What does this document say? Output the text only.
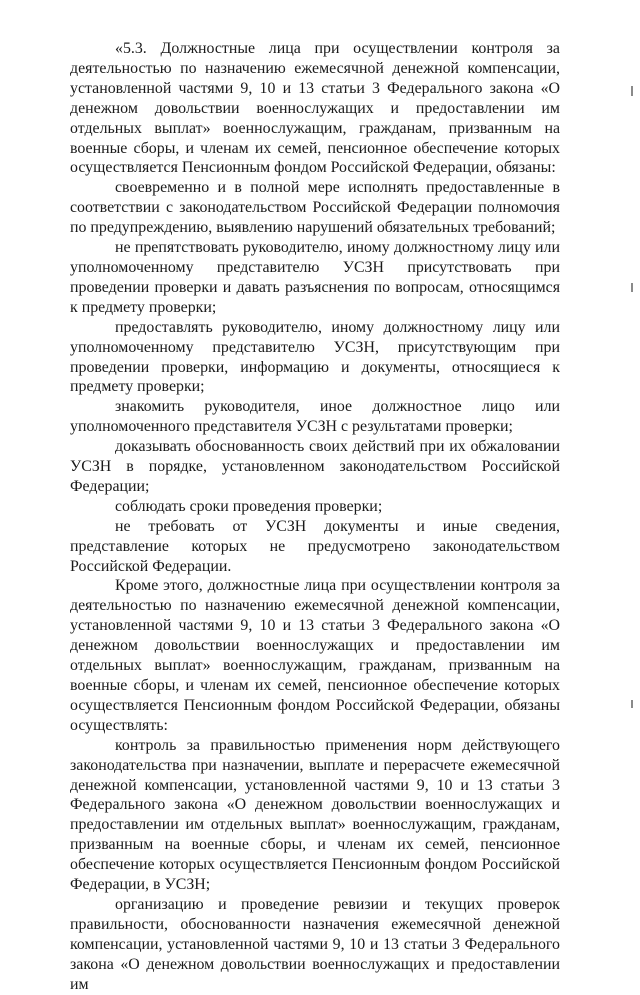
«5.3. Должностные лица при осуществлении контроля за деятельностью по назначению ежемесячной денежной компенсации, установленной частями 9, 10 и 13 статьи 3 Федерального закона «О денежном довольствии военнослужащих и предоставлении им отдельных выплат» военнослужащим, гражданам, призванным на военные сборы, и членам их семей, пенсионное обеспечение которых осуществляется Пенсионным фондом Российской Федерации, обязаны:

своевременно и в полной мере исполнять предоставленные в соответствии с законодательством Российской Федерации полномочия по предупреждению, выявлению нарушений обязательных требований;

не препятствовать руководителю, иному должностному лицу или уполномоченному представителю УСЗН присутствовать при проведении проверки и давать разъяснения по вопросам, относящимся к предмету проверки;

предоставлять руководителю, иному должностному лицу или уполномоченному представителю УСЗН, присутствующим при проведении проверки, информацию и документы, относящиеся к предмету проверки;

знакомить руководителя, иное должностное лицо или уполномоченного представителя УСЗН с результатами проверки;

доказывать обоснованность своих действий при их обжаловании УСЗН в порядке, установленном законодательством Российской Федерации;

соблюдать сроки проведения проверки;

не требовать от УСЗН документы и иные сведения, представление которых не предусмотрено законодательством Российской Федерации.

Кроме этого, должностные лица при осуществлении контроля за деятельностью по назначению ежемесячной денежной компенсации, установленной частями 9, 10 и 13 статьи 3 Федерального закона «О денежном довольствии военнослужащих и предоставлении им отдельных выплат» военнослужащим, гражданам, призванным на военные сборы, и членам их семей, пенсионное обеспечение которых осуществляется Пенсионным фондом Российской Федерации, обязаны осуществлять:

контроль за правильностью применения норм действующего законодательства при назначении, выплате и перерасчете ежемесячной денежной компенсации, установленной частями 9, 10 и 13 статьи 3 Федерального закона «О денежном довольствии военнослужащих и предоставлении им отдельных выплат» военнослужащим, гражданам, призванным на военные сборы, и членам их семей, пенсионное обеспечение которых осуществляется Пенсионным фондом Российской Федерации, в УСЗН;

организацию и проведение ревизии и текущих проверок правильности, обоснованности назначения ежемесячной денежной компенсации, установленной частями 9, 10 и 13 статьи 3 Федерального закона «О денежном довольствии военнослужащих и предоставлении им
